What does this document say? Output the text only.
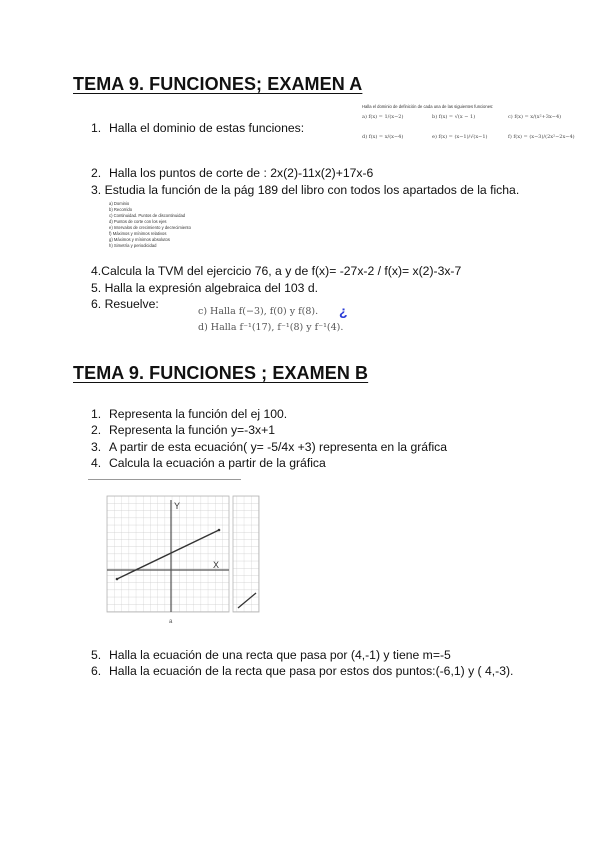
TEMA 9. FUNCIONES; EXAMEN A
1. Halla el dominio de estas funciones:
Halla el dominio de definición de cada una de las siguientes funciones:
a) f(x) = 1/(x−2)	b) f(x) = √(x − 1)	c) f(x) = x/(x²+3x−4)
d) f(x) = x/(x−4)	e) f(x) = (x−1)/√(x−1)	f) f(x) = (x−3)/(2x²−2x−4)
2. Halla los puntos de corte de : 2x(2)-11x(2)+17x-6
3. Estudia la función de la pág 189 del libro con todos los apartados de la ficha.
a) Dominio
b) Recorrido
c) Continuidad. Puntos de discontinuidad
d) Puntos de corte con los ejes
e) Intervalos de crecimiento y decrecimiento
f) Máximos y mínimos relativos
g) Máximos y mínimos absolutos
h) Simetría y periodicidad
4.Calcula la TVM del ejercicio 76, a y de f(x)= -27x-2 / f(x)= x(2)-3x-7
5. Halla la expresión algebraica del 103 d.
6. Resuelve:
c) Halla f(−3), f(0) y f(8).
d) Halla f⁻¹(17), f⁻¹(8) y f⁻¹(4).
¿
TEMA 9. FUNCIONES ; EXAMEN B
1. Representa la función del ej 100.
2. Representa la función y=-3x+1
3. A partir de esta ecuación( y= -5/4x +3) representa en la gráfica
4. Calcula la ecuación a partir de la gráfica
Y
X
a
5. Halla la ecuación de una recta que pasa por (4,-1) y tiene m=-5
6. Halla la ecuación de la recta que pasa por estos dos puntos:(-6,1) y ( 4,-3).
